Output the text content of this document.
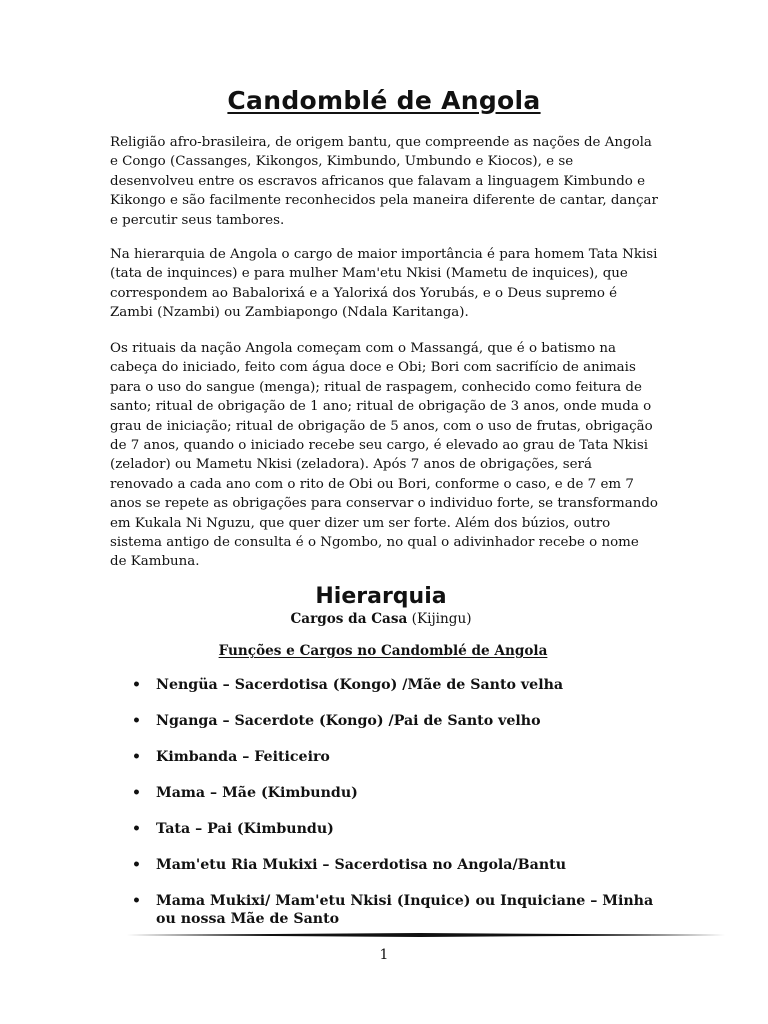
Candomblé de Angola

Religião afro-brasileira, de origem bantu, que compreende as nações de Angola e Congo (Cassanges, Kikongos, Kimbundo, Umbundo e Kiocos), e se desenvolveu entre os escravos africanos que falavam a linguagem Kimbundo e Kikongo e são facilmente reconhecidos pela maneira diferente de cantar, dançar e percutir seus tambores.

Na hierarquia de Angola o cargo de maior importância é para homem Tata Nkisi (tata de inquinces) e para mulher Mam'etu Nkisi (Mametu de inquices), que correspondem ao Babalorixá e a Yalorixá dos Yorubás, e o Deus supremo é Zambi (Nzambi) ou Zambiapongo (Ndala Karitanga).

Os rituais da nação Angola começam com o Massangá, que é o batismo na cabeça do iniciado, feito com água doce e Obi; Bori com sacrifício de animais para o uso do sangue (menga); ritual de raspagem, conhecido como feitura de santo; ritual de obrigação de 1 ano; ritual de obrigação de 3 anos, onde muda o grau de iniciação; ritual de obrigação de 5 anos, com o uso de frutas, obrigação de 7 anos, quando o iniciado recebe seu cargo, é elevado ao grau de Tata Nkisi (zelador) ou Mametu Nkisi (zeladora). Após 7 anos de obrigações, será renovado a cada ano com o rito de Obi ou Bori, conforme o caso, e de 7 em 7 anos se repete as obrigações para conservar o individuo forte, se transformando em Kukala Ni Nguzu, que quer dizer um ser forte. Além dos búzios, outro sistema antigo de consulta é o Ngombo, no qual o adivinhador recebe o nome de Kambuna.

Hierarquia
Cargos da Casa (Kijingu)
Funções e Cargos no Candomblé de Angola
• Nengüa – Sacerdotisa (Kongo) /Mãe de Santo velha
• Nganga – Sacerdote (Kongo) /Pai de Santo velho
• Kimbanda – Feiticeiro
• Mama – Mãe (Kimbundu)
• Tata – Pai (Kimbundu)
• Mam'etu Ria Mukixi – Sacerdotisa no Angola/Bantu
• Mama Mukixi/ Mam'etu Nkisi (Inquice) ou Inquiciane – Minha ou nossa Mãe de Santo
1
